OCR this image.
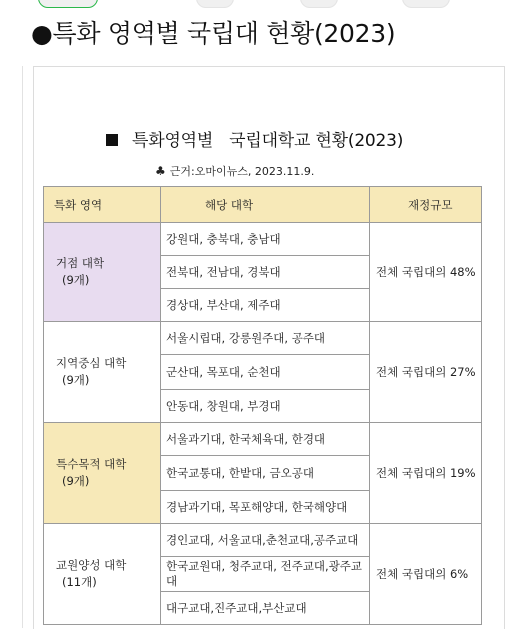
●특화 영역별 국립대 현황(2023)
특화영역별 국립대학교 현황(2023)
♣ 근거:오마이뉴스, 2023.11.9.
특화 영역	해당 대학	재정규모
거점 대학
(9개)	강원대, 충북대, 충남대	전체 국립대의 48%
	전북대, 전남대, 경북대	
	경상대, 부산대, 제주대	
지역중심 대학
(9개)	서울시립대, 강릉원주대, 공주대	전체 국립대의 27%
	군산대, 목포대, 순천대	
	안동대, 창원대, 부경대	
특수목적 대학
(9개)	서울과기대, 한국체육대, 한경대	전체 국립대의 19%
	한국교통대, 한밭대, 금오공대	
	경남과기대, 목포해양대, 한국해양대	
교원양성 대학
(11개)	경인교대, 서울교대,춘천교대,공주교대	전체 국립대의 6%
	한국교원대, 청주교대, 전주교대,광주교대	
	대구교대,진주교대,부산교대	
